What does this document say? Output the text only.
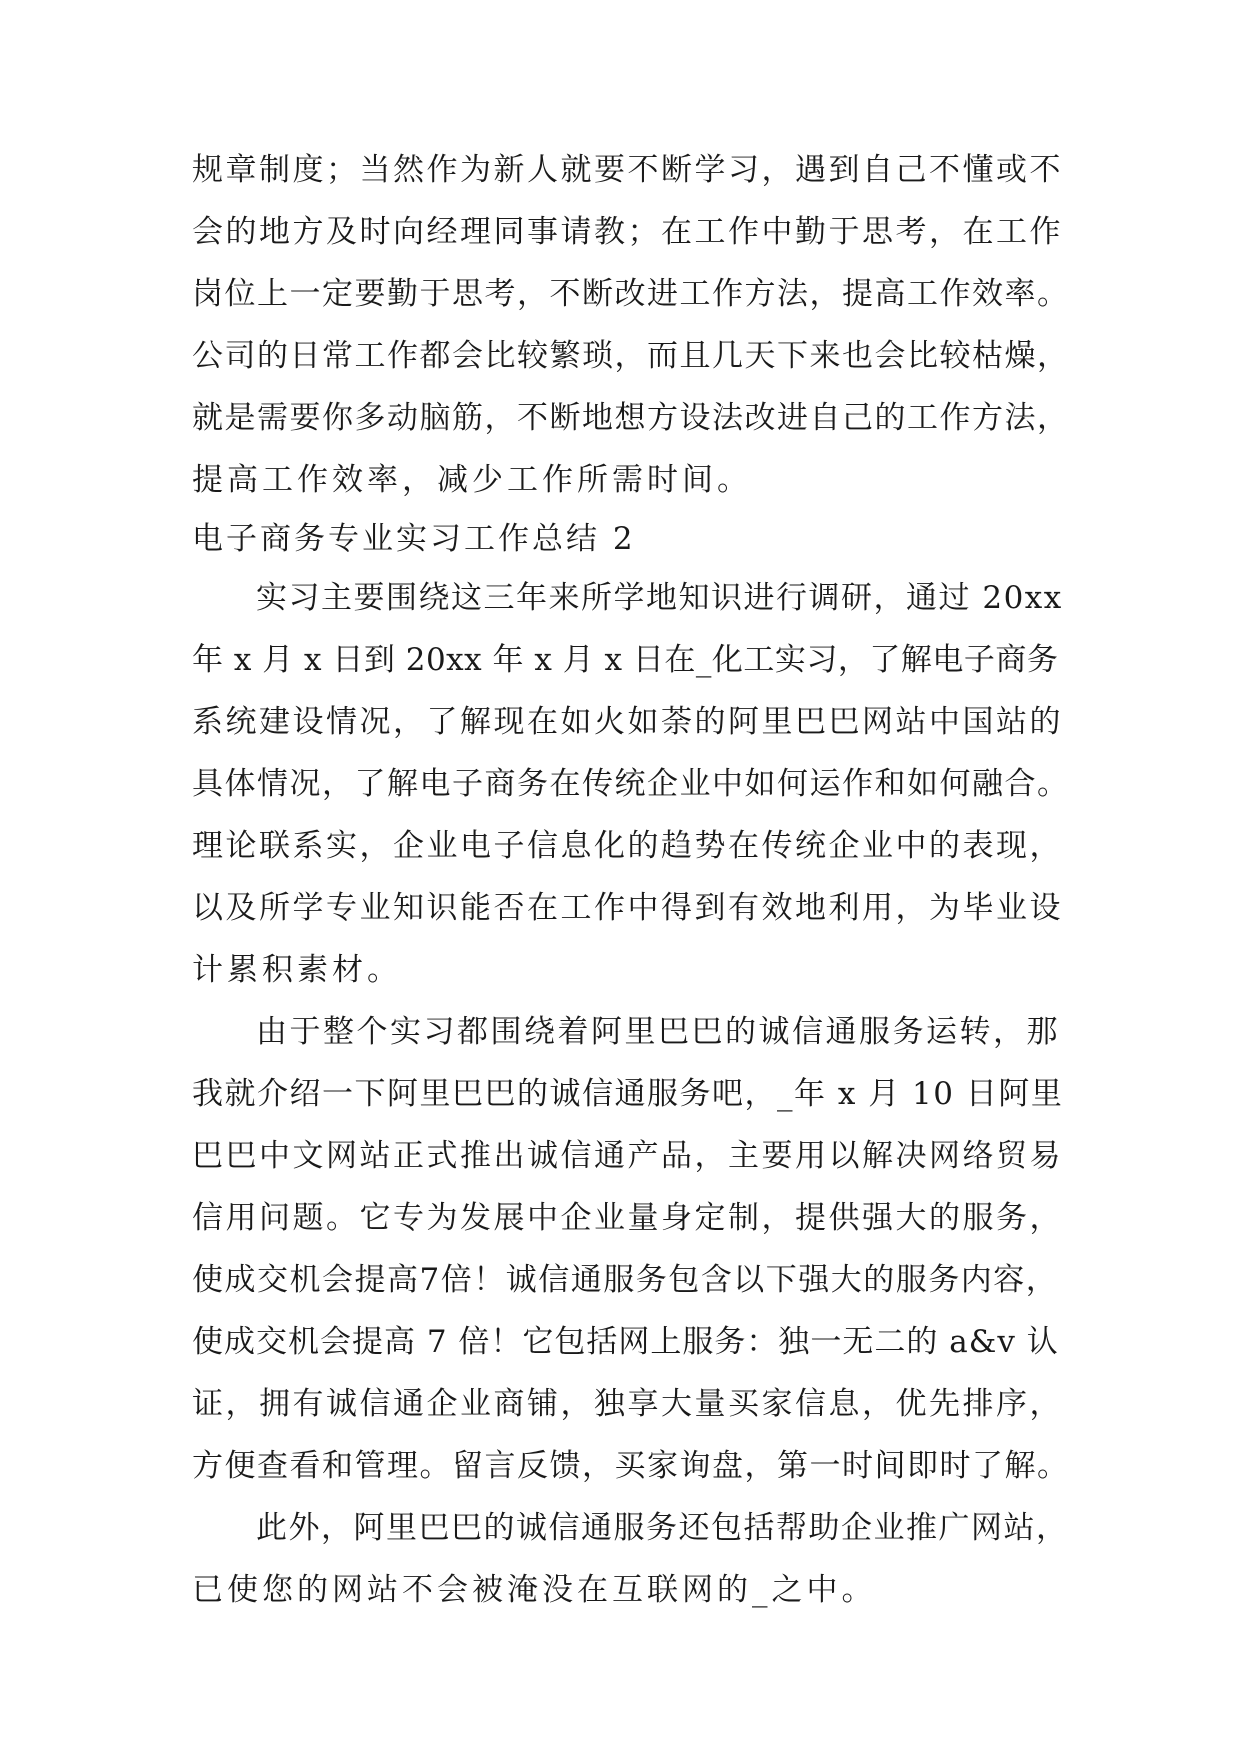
规章制度；当然作为新人就要不断学习，遇到自己不懂或不
会的地方及时向经理同事请教；在工作中勤于思考，在工作
岗位上一定要勤于思考，不断改进工作方法，提高工作效率。
公司的日常工作都会比较繁琐，而且几天下来也会比较枯燥，
就是需要你多动脑筋，不断地想方设法改进自己的工作方法，
提高工作效率，减少工作所需时间。
电子商务专业实习工作总结 2
实习主要围绕这三年来所学地知识进行调研，通过 20xx
年 x 月 x 日到 20xx 年 x 月 x 日在_化工实习，了解电子商务
系统建设情况，了解现在如火如荼的阿里巴巴网站中国站的
具体情况，了解电子商务在传统企业中如何运作和如何融合。
理论联系实，企业电子信息化的趋势在传统企业中的表现，
以及所学专业知识能否在工作中得到有效地利用，为毕业设
计累积素材。
由于整个实习都围绕着阿里巴巴的诚信通服务运转，那
我就介绍一下阿里巴巴的诚信通服务吧，_年 x 月 10 日阿里
巴巴中文网站正式推出诚信通产品，主要用以解决网络贸易
信用问题。它专为发展中企业量身定制，提供强大的服务，
使成交机会提高7倍！诚信通服务包含以下强大的服务内容，
使成交机会提高 7 倍！它包括网上服务：独一无二的 a&v 认
证，拥有诚信通企业商铺，独享大量买家信息，优先排序，
方便查看和管理。留言反馈，买家询盘，第一时间即时了解。
此外，阿里巴巴的诚信通服务还包括帮助企业推广网站，
已使您的网站不会被淹没在互联网的_之中。
